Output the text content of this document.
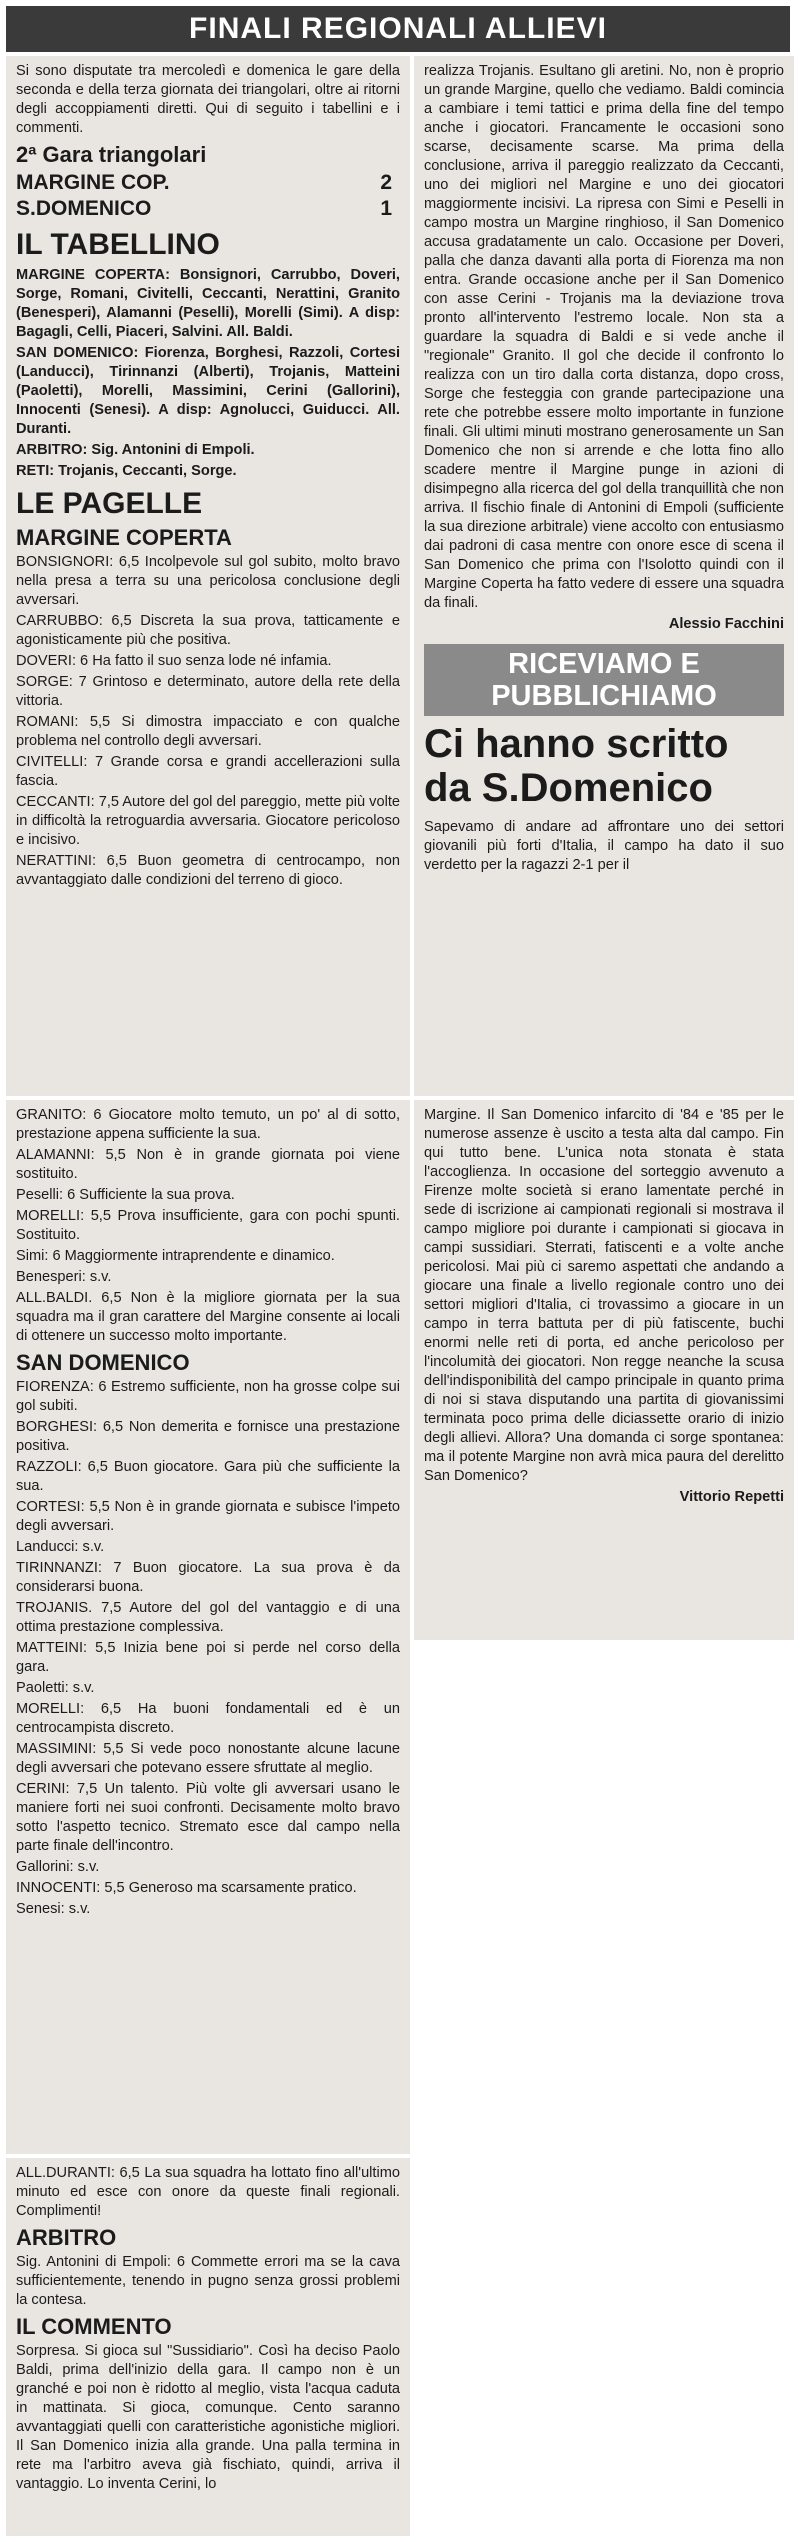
FINALI REGIONALI ALLIEVI

Si sono disputate tra mercoledì e domenica le gare della seconda e della terza giornata dei triangolari, oltre ai ritorni degli accoppiamenti diretti. Qui di seguito i tabellini e i commenti.

2ª Gara triangolari
MARGINE COP.	2
S.DOMENICO	1
IL TABELLINO

MARGINE COPERTA: Bonsignori, Carrubbo, Doveri, Sorge, Romani, Civitelli, Ceccanti, Nerattini, Granito (Benesperi), Alamanni (Peselli), Morelli (Simi). A disp: Bagagli, Celli, Piaceri, Salvini. All. Baldi.

SAN DOMENICO: Fiorenza, Borghesi, Razzoli, Cortesi (Landucci), Tirinnanzi (Alberti), Trojanis, Matteini (Paoletti), Morelli, Massimini, Cerini (Gallorini), Innocenti (Senesi). A disp: Agnolucci, Guiducci. All. Duranti.

ARBITRO: Sig. Antonini di Empoli.

RETI: Trojanis, Ceccanti, Sorge.

LE PAGELLE
MARGINE COPERTA

BONSIGNORI: 6,5 Incolpevole sul gol subito, molto bravo nella presa a terra su una pericolosa conclusione degli avversari.

CARRUBBO: 6,5 Discreta la sua prova, tatticamente e agonisticamente più che positiva.

DOVERI: 6 Ha fatto il suo senza lode né infamia.

SORGE: 7 Grintoso e determinato, autore della rete della vittoria.

ROMANI: 5,5 Si dimostra impacciato e con qualche problema nel controllo degli avversari.

CIVITELLI: 7 Grande corsa e grandi accellerazioni sulla fascia.

CECCANTI: 7,5 Autore del gol del pareggio, mette più volte in difficoltà la retroguardia avversaria. Giocatore pericoloso e incisivo.

NERATTINI: 6,5 Buon geometra di centrocampo, non avvantaggiato dalle condizioni del terreno di gioco.

realizza Trojanis. Esultano gli aretini. No, non è proprio un grande Margine, quello che vediamo. Baldi comincia a cambiare i temi tattici e prima della fine del tempo anche i giocatori. Francamente le occasioni sono scarse, decisamente scarse. Ma prima della conclusione, arriva il pareggio realizzato da Ceccanti, uno dei migliori nel Margine e uno dei giocatori maggiormente incisivi. La ripresa con Simi e Peselli in campo mostra un Margine ringhioso, il San Domenico accusa gradatamente un calo. Occasione per Doveri, palla che danza davanti alla porta di Fiorenza ma non entra. Grande occasione anche per il San Domenico con asse Cerini - Trojanis ma la deviazione trova pronto all'intervento l'estremo locale. Non sta a guardare la squadra di Baldi e si vede anche il "regionale" Granito. Il gol che decide il confronto lo realizza con un tiro dalla corta distanza, dopo cross, Sorge che festeggia con grande partecipazione una rete che potrebbe essere molto importante in funzione finali. Gli ultimi minuti mostrano generosamente un San Domenico che non si arrende e che lotta fino allo scadere mentre il Margine punge in azioni di disimpegno alla ricerca del gol della tranquillità che non arriva. Il fischio finale di Antonini di Empoli (sufficiente la sua direzione arbitrale) viene accolto con entusiasmo dai padroni di casa mentre con onore esce di scena il San Domenico che prima con l'Isolotto quindi con il Margine Coperta ha fatto vedere di essere una squadra da finali.

Alessio Facchini
RICEVIAMO E PUBBLICHIAMO
Ci hanno scritto da S.Domenico

Sapevamo di andare ad affrontare uno dei settori giovanili più forti d'Italia, il campo ha dato il suo verdetto per la ragazzi 2-1 per il

GRANITO: 6 Giocatore molto temuto, un po' al di sotto, prestazione appena sufficiente la sua.

ALAMANNI: 5,5 Non è in grande giornata poi viene sostituito.

Peselli: 6 Sufficiente la sua prova.

MORELLI: 5,5 Prova insufficiente, gara con pochi spunti. Sostituito.

Simi: 6 Maggiormente intraprendente e dinamico.

Benesperi: s.v.

ALL.BALDI. 6,5 Non è la migliore giornata per la sua squadra ma il gran carattere del Margine consente ai locali di ottenere un successo molto importante.

SAN DOMENICO

FIORENZA: 6 Estremo sufficiente, non ha grosse colpe sui gol subiti.

BORGHESI: 6,5 Non demerita e fornisce una prestazione positiva.

RAZZOLI: 6,5 Buon giocatore. Gara più che sufficiente la sua.

CORTESI: 5,5 Non è in grande giornata e subisce l'impeto degli avversari.

Landucci: s.v.

TIRINNANZI: 7 Buon giocatore. La sua prova è da considerarsi buona.

TROJANIS. 7,5 Autore del gol del vantaggio e di una ottima prestazione complessiva.

MATTEINI: 5,5 Inizia bene poi si perde nel corso della gara.

Paoletti: s.v.

MORELLI: 6,5 Ha buoni fondamentali ed è un centrocampista discreto.

MASSIMINI: 5,5 Si vede poco nonostante alcune lacune degli avversari che potevano essere sfruttate al meglio.

CERINI: 7,5 Un talento. Più volte gli avversari usano le maniere forti nei suoi confronti. Decisamente molto bravo sotto l'aspetto tecnico. Stremato esce dal campo nella parte finale dell'incontro.

Gallorini: s.v.

INNOCENTI: 5,5 Generoso ma scarsamente pratico.

Senesi: s.v.

Margine. Il San Domenico infarcito di '84 e '85 per le numerose assenze è uscito a testa alta dal campo. Fin qui tutto bene. L'unica nota stonata è stata l'accoglienza. In occasione del sorteggio avvenuto a Firenze molte società si erano lamentate perché in sede di iscrizione ai campionati regionali si mostrava il campo migliore poi durante i campionati si giocava in campi sussidiari. Sterrati, fatiscenti e a volte anche pericolosi. Mai più ci saremo aspettati che andando a giocare una finale a livello regionale contro uno dei settori migliori d'Italia, ci trovassimo a giocare in un campo in terra battuta per di più fatiscente, buchi enormi nelle reti di porta, ed anche pericoloso per l'incolumità dei giocatori. Non regge neanche la scusa dell'indisponibilità del campo principale in quanto prima di noi si stava disputando una partita di giovanissimi terminata poco prima delle diciassette orario di inizio degli allievi. Allora? Una domanda ci sorge spontanea: ma il potente Margine non avrà mica paura del derelitto San Domenico?

Vittorio Repetti

ALL.DURANTI: 6,5 La sua squadra ha lottato fino all'ultimo minuto ed esce con onore da queste finali regionali. Complimenti!

ARBITRO

Sig. Antonini di Empoli: 6 Commette errori ma se la cava sufficientemente, tenendo in pugno senza grossi problemi la contesa.

IL COMMENTO

Sorpresa. Si gioca sul "Sussidiario". Così ha deciso Paolo Baldi, prima dell'inizio della gara. Il campo non è un granché e poi non è ridotto al meglio, vista l'acqua caduta in mattinata. Si gioca, comunque. Cento saranno avvantaggiati quelli con caratteristiche agonistiche migliori. Il San Domenico inizia alla grande. Una palla termina in rete ma l'arbitro aveva già fischiato, quindi, arriva il vantaggio. Lo inventa Cerini, lo
